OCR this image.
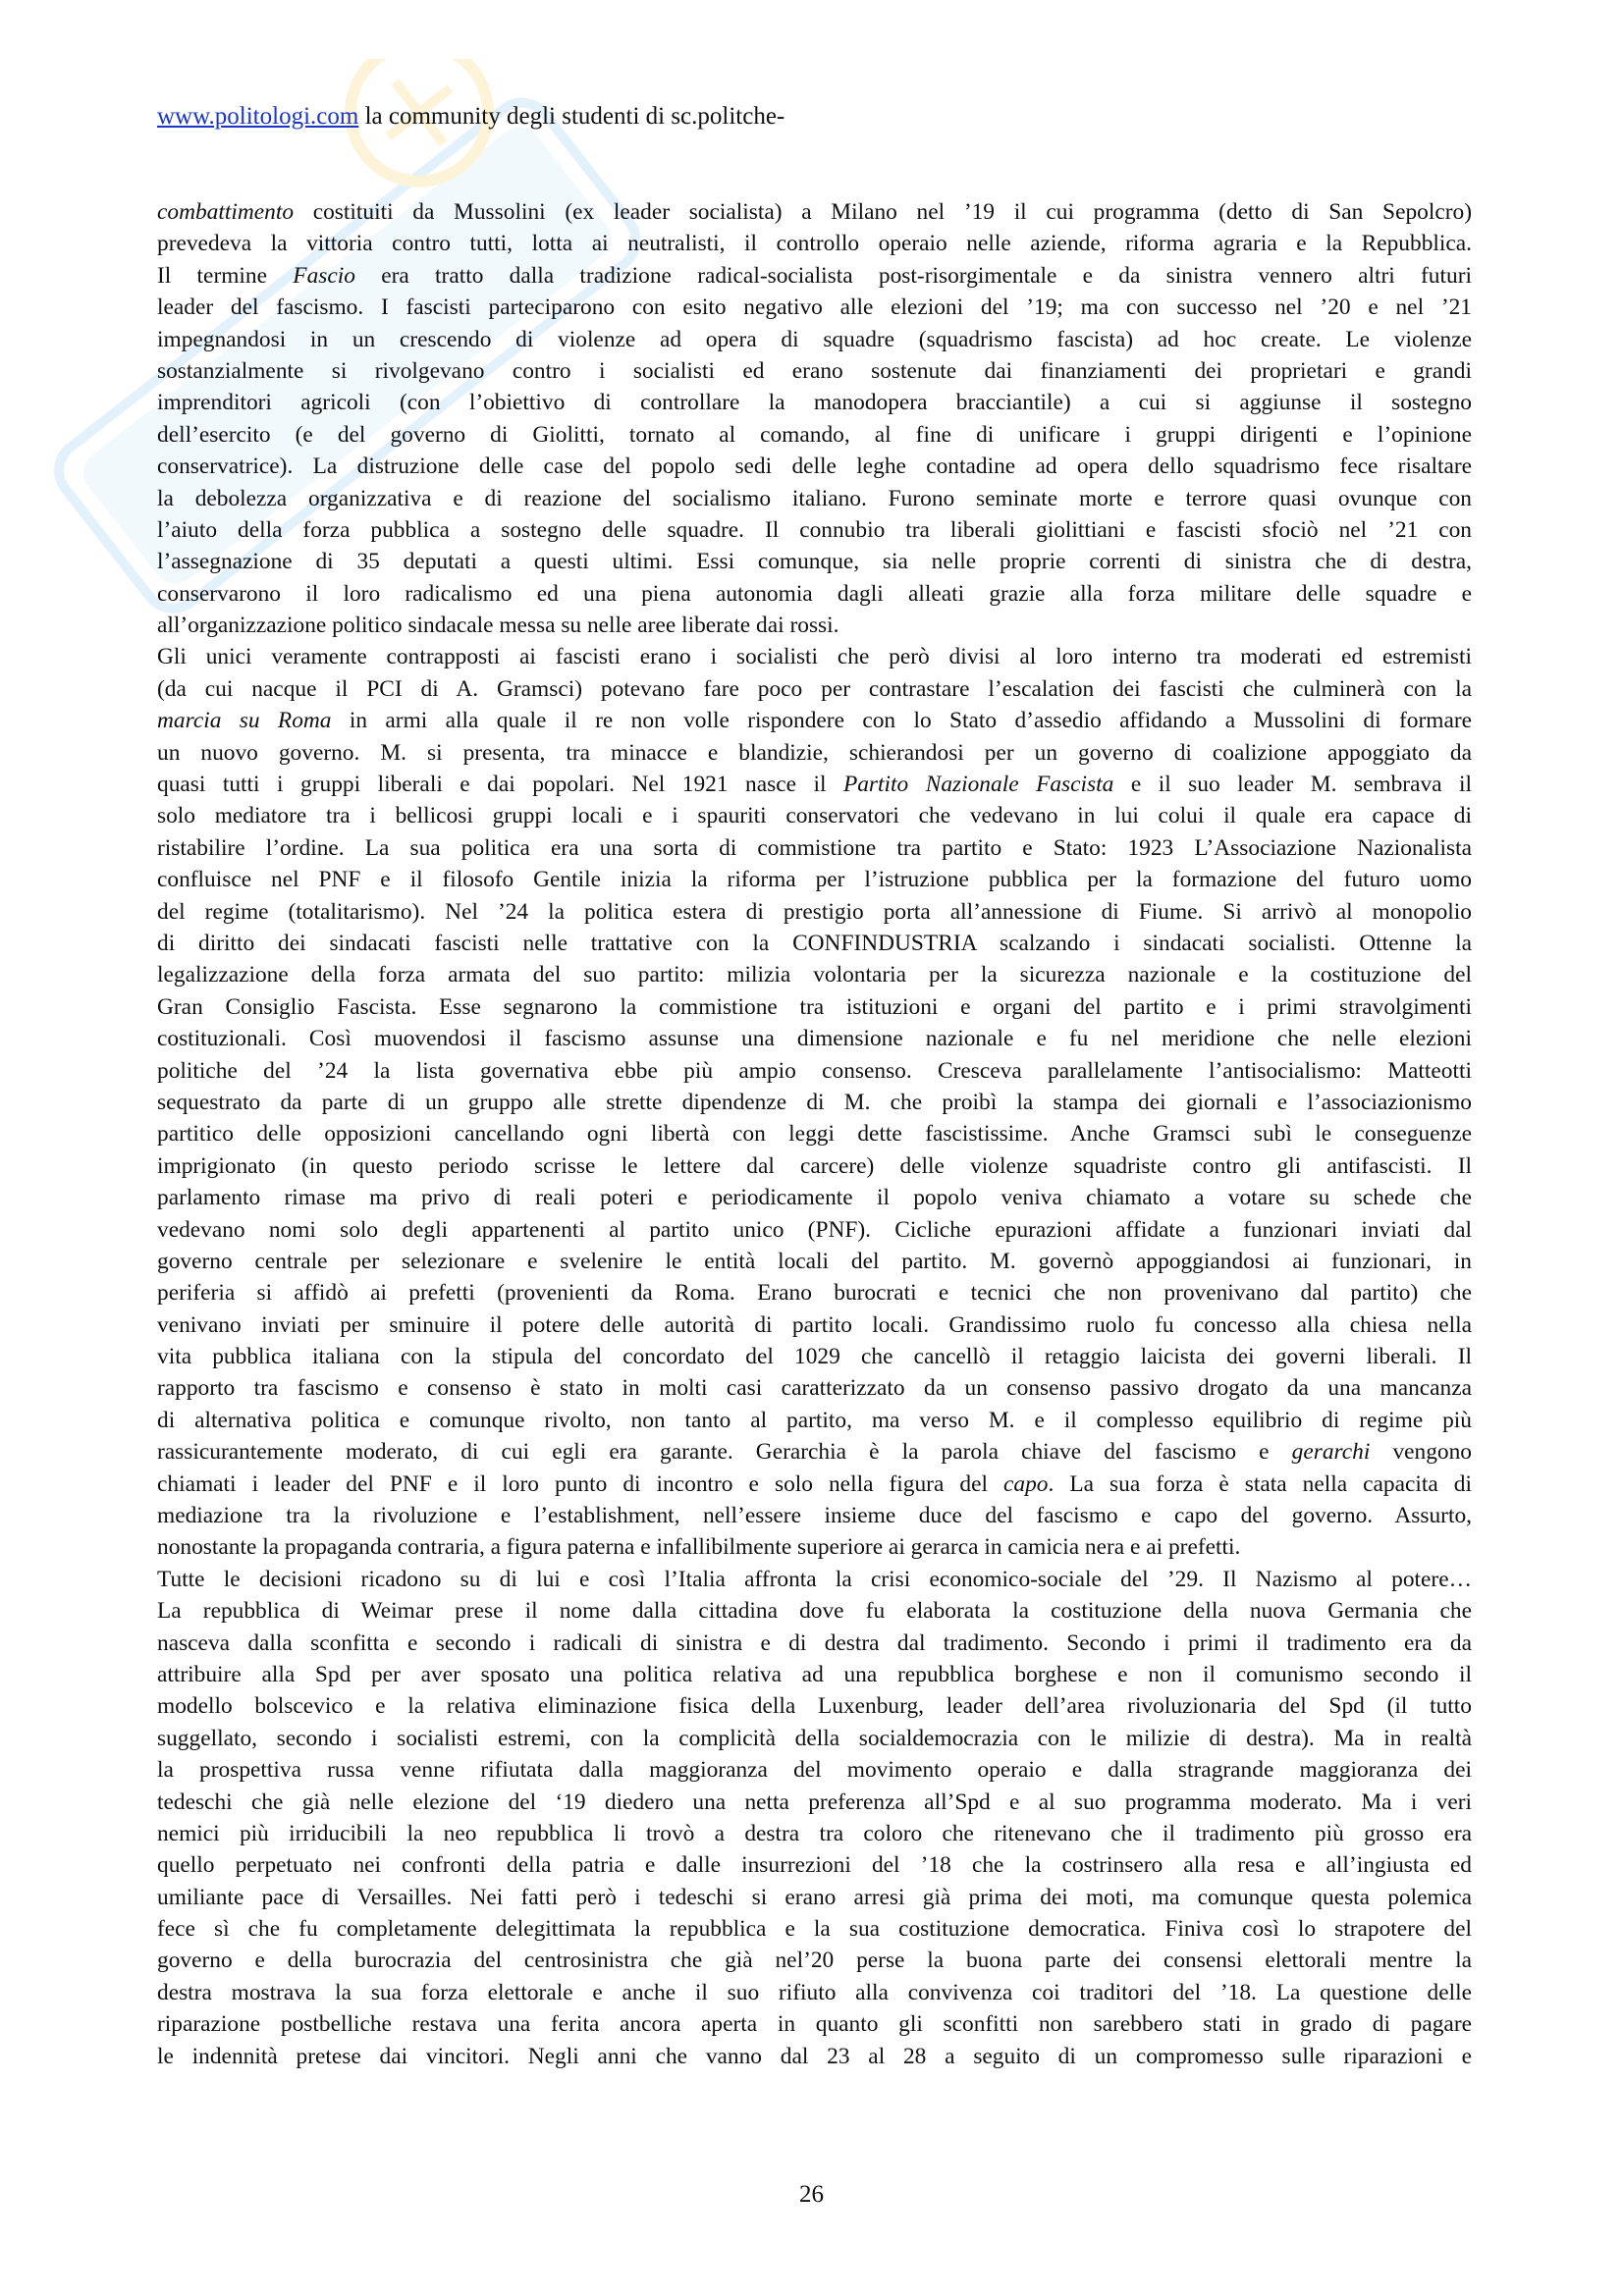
www.politologi.com la community degli studenti di sc.politche-
combattimento costituiti da Mussolini (ex leader socialista) a Milano nel ’19 il cui programma (detto di San Sepolcro)
prevedeva la vittoria contro tutti, lotta ai neutralisti, il controllo operaio nelle aziende, riforma agraria e la Repubblica.
Il termine Fascio era tratto dalla tradizione radical-socialista post-risorgimentale e da sinistra vennero altri futuri
leader del fascismo. I fascisti parteciparono con esito negativo alle elezioni del ’19; ma con successo nel ’20 e nel ’21
impegnandosi in un crescendo di violenze ad opera di squadre (squadrismo fascista) ad hoc create. Le violenze
sostanzialmente si rivolgevano contro i socialisti ed erano sostenute dai finanziamenti dei proprietari e grandi
imprenditori agricoli (con l’obiettivo di controllare la manodopera bracciantile) a cui si aggiunse il sostegno
dell’esercito (e del governo di Giolitti, tornato al comando, al fine di unificare i gruppi dirigenti e l’opinione
conservatrice). La distruzione delle case del popolo sedi delle leghe contadine ad opera dello squadrismo fece risaltare
la debolezza organizzativa e di reazione del socialismo italiano. Furono seminate morte e terrore quasi ovunque con
l’aiuto della forza pubblica a sostegno delle squadre. Il connubio tra liberali giolittiani e fascisti sfociò nel ’21 con
l’assegnazione di 35 deputati a questi ultimi. Essi comunque, sia nelle proprie correnti di sinistra che di destra,
conservarono il loro radicalismo ed una piena autonomia dagli alleati grazie alla forza militare delle squadre e
all’organizzazione politico sindacale messa su nelle aree liberate dai rossi.
Gli unici veramente contrapposti ai fascisti erano i socialisti che però divisi al loro interno tra moderati ed estremisti
(da cui nacque il PCI di A. Gramsci) potevano fare poco per contrastare l’escalation dei fascisti che culminerà con la
marcia su Roma in armi alla quale il re non volle rispondere con lo Stato d’assedio affidando a Mussolini di formare
un nuovo governo. M. si presenta, tra minacce e blandizie, schierandosi per un governo di coalizione appoggiato da
quasi tutti i gruppi liberali e dai popolari. Nel 1921 nasce il Partito Nazionale Fascista e il suo leader M. sembrava il
solo mediatore tra i bellicosi gruppi locali e i spauriti conservatori che vedevano in lui colui il quale era capace di
ristabilire l’ordine. La sua politica era una sorta di commistione tra partito e Stato: 1923 L’Associazione Nazionalista
confluisce nel PNF e il filosofo Gentile inizia la riforma per l’istruzione pubblica per la formazione del futuro uomo
del regime (totalitarismo). Nel ’24 la politica estera di prestigio porta all’annessione di Fiume. Si arrivò al monopolio
di diritto dei sindacati fascisti nelle trattative con la CONFINDUSTRIA scalzando i sindacati socialisti. Ottenne la
legalizzazione della forza armata del suo partito: milizia volontaria per la sicurezza nazionale e la costituzione del
Gran Consiglio Fascista. Esse segnarono la commistione tra istituzioni e organi del partito e i primi stravolgimenti
costituzionali. Così muovendosi il fascismo assunse una dimensione nazionale e fu nel meridione che nelle elezioni
politiche del ’24 la lista governativa ebbe più ampio consenso. Cresceva parallelamente l’antisocialismo: Matteotti
sequestrato da parte di un gruppo alle strette dipendenze di M. che proibì la stampa dei giornali e l’associazionismo
partitico delle opposizioni cancellando ogni libertà con leggi dette fascistissime. Anche Gramsci subì le conseguenze
imprigionato (in questo periodo scrisse le lettere dal carcere) delle violenze squadriste contro gli antifascisti. Il
parlamento rimase ma privo di reali poteri e periodicamente il popolo veniva chiamato a votare su schede che
vedevano nomi solo degli appartenenti al partito unico (PNF). Cicliche epurazioni affidate a funzionari inviati dal
governo centrale per selezionare e svelenire le entità locali del partito. M. governò appoggiandosi ai funzionari, in
periferia si affidò ai prefetti (provenienti da Roma. Erano burocrati e tecnici che non provenivano dal partito) che
venivano inviati per sminuire il potere delle autorità di partito locali. Grandissimo ruolo fu concesso alla chiesa nella
vita pubblica italiana con la stipula del concordato del 1029 che cancellò il retaggio laicista dei governi liberali. Il
rapporto tra fascismo e consenso è stato in molti casi caratterizzato da un consenso passivo drogato da una mancanza
di alternativa politica e comunque rivolto, non tanto al partito, ma verso M. e il complesso equilibrio di regime più
rassicurantemente moderato, di cui egli era garante. Gerarchia è la parola chiave del fascismo e gerarchi vengono
chiamati i leader del PNF e il loro punto di incontro e solo nella figura del capo. La sua forza è stata nella capacita di
mediazione tra la rivoluzione e l’establishment, nell’essere insieme duce del fascismo e capo del governo. Assurto,
nonostante la propaganda contraria, a figura paterna e infallibilmente superiore ai gerarca in camicia nera e ai prefetti.
Tutte le decisioni ricadono su di lui e così l’Italia affronta la crisi economico-sociale del ’29. Il Nazismo al potere…
La repubblica di Weimar prese il nome dalla cittadina dove fu elaborata la costituzione della nuova Germania che
nasceva dalla sconfitta e secondo i radicali di sinistra e di destra dal tradimento. Secondo i primi il tradimento era da
attribuire alla Spd per aver sposato una politica relativa ad una repubblica borghese e non il comunismo secondo il
modello bolscevico e la relativa eliminazione fisica della Luxenburg, leader dell’area rivoluzionaria del Spd (il tutto
suggellato, secondo i socialisti estremi, con la complicità della socialdemocrazia con le milizie di destra). Ma in realtà
la prospettiva russa venne rifiutata dalla maggioranza del movimento operaio e dalla stragrande maggioranza dei
tedeschi che già nelle elezione del ‘19 diedero una netta preferenza all’Spd e al suo programma moderato. Ma i veri
nemici più irriducibili la neo repubblica li trovò a destra tra coloro che ritenevano che il tradimento più grosso era
quello perpetuato nei confronti della patria e dalle insurrezioni del ’18 che la costrinsero alla resa e all’ingiusta ed
umiliante pace di Versailles. Nei fatti però i tedeschi si erano arresi già prima dei moti, ma comunque questa polemica
fece sì che fu completamente delegittimata la repubblica e la sua costituzione democratica. Finiva così lo strapotere del
governo e della burocrazia del centrosinistra che già nel’20 perse la buona parte dei consensi elettorali mentre la
destra mostrava la sua forza elettorale e anche il suo rifiuto alla convivenza coi traditori del ’18. La questione delle
riparazione postbelliche restava una ferita ancora aperta in quanto gli sconfitti non sarebbero stati in grado di pagare
le indennità pretese dai vincitori. Negli anni che vanno dal 23 al 28 a seguito di un compromesso sulle riparazioni e
26
